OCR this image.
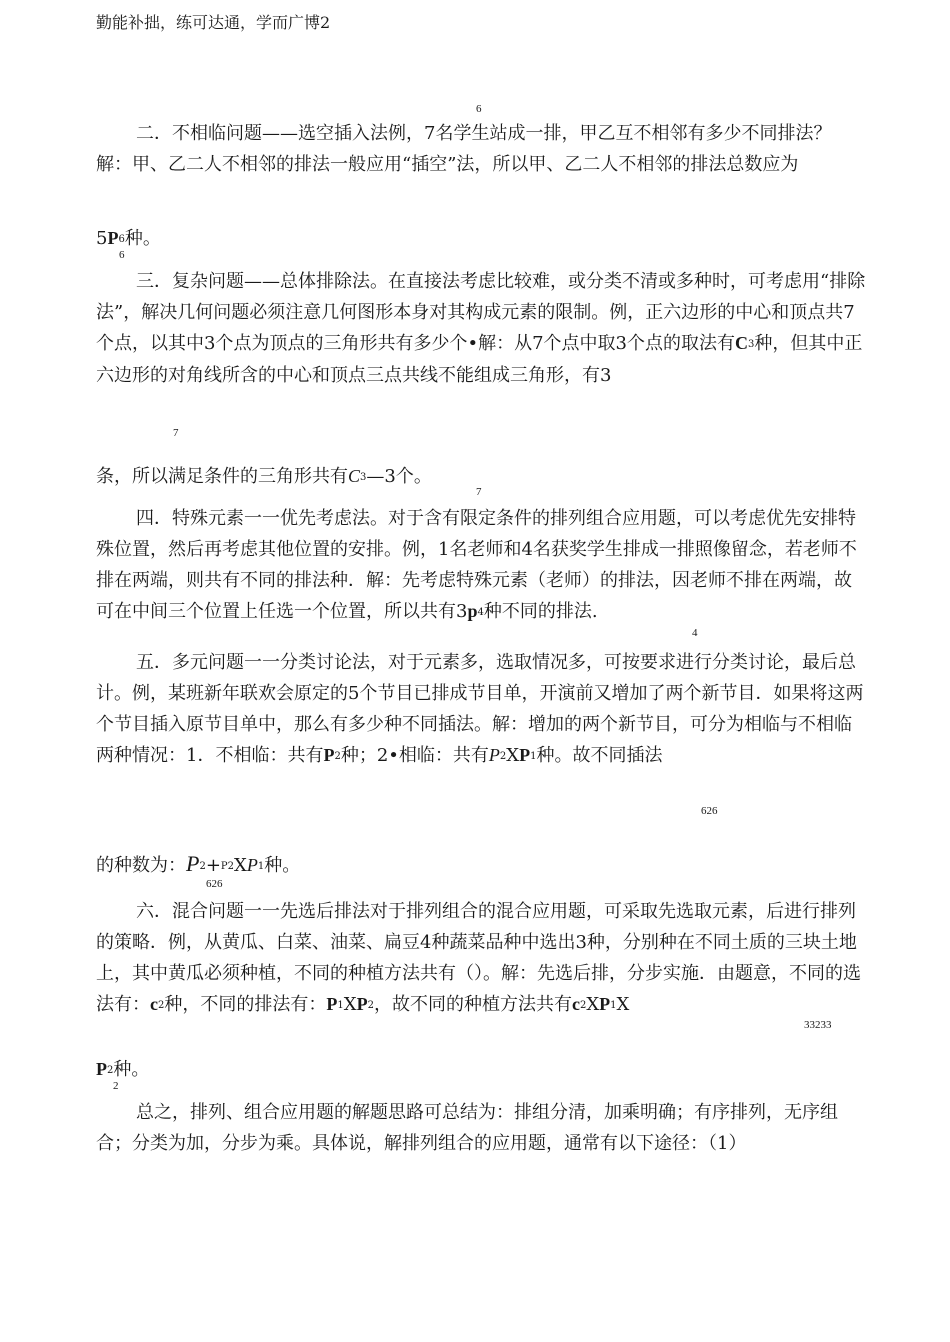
勤能补拙，练可达通，学而广博2
6

二．不相临问题——选空插入法例，7名学生站成一排，甲乙互不相邻有多少不同排法？解：甲、乙二人不相邻的排法一般应用“插空”法，所以甲、乙二人不相邻的排法总数应为

$5P^6$种。
6

三．复杂问题——总体排除法。在直接法考虑比较难，或分类不清或多种时，可考虑用“排除法”，解决几何问题必须注意几何图形本身对其构成元素的限制。例，正六边形的中心和顶点共7个点，以其中3个点为顶点的三角形共有多少个•解：从7个点中取3个点的取法有$C^3$种，但其中正六边形的对角线所含的中心和顶点三点共线不能组成三角形，有3

7
条，所以满足条件的三角形共有$C^3—3$个。
7

四．特殊元素一一优先考虑法。对于含有限定条件的排列组合应用题，可以考虑优先安排特殊位置，然后再考虑其他位置的安排。例，1名老师和4名获奖学生排成一排照像留念，若老师不排在两端，则共有不同的排法种．解：先考虑特殊元素（老师）的排法，因老师不排在两端，故可在中间三个位置上任选一个位置，所以共有$3p^4$种不同的排法.

4

五．多元问题一一分类讨论法，对于元素多，选取情况多，可按要求进行分类讨论，最后总计。例，某班新年联欢会原定的5个节目已排成节目单，开演前又增加了两个新节目．如果将这两个节目插入原节目单中，那么有多少种不同插法。解：增加的两个新节目，可分为相临与不相临两种情况：1．不相临：共有$P^2$种；2•相临：共有$P^2XP^1$种。故不同插法

626
的种数为：$P^2+^{P2}XP^1$种。
626

六．混合问题一一先选后排法对于排列组合的混合应用题，可采取先选取元素，后进行排列的策略．例，从黄瓜、白菜、油菜、扁豆4种蔬菜品种中选出3种，分别种在不同土质的三块土地上，其中黄瓜必须种植，不同的种植方法共有（）。解：先选后排，分步实施．由题意，不同的选法有：$c^2$种，不同的排法有：$P^1XP^2$，故不同的种植方法共有$c^2XP^1X$

33233
$P^2$种。
2

总之，排列、组合应用题的解题思路可总结为：排组分清，加乘明确；有序排列，无序组合；分类为加，分步为乘。具体说，解排列组合的应用题，通常有以下途径：（1）
